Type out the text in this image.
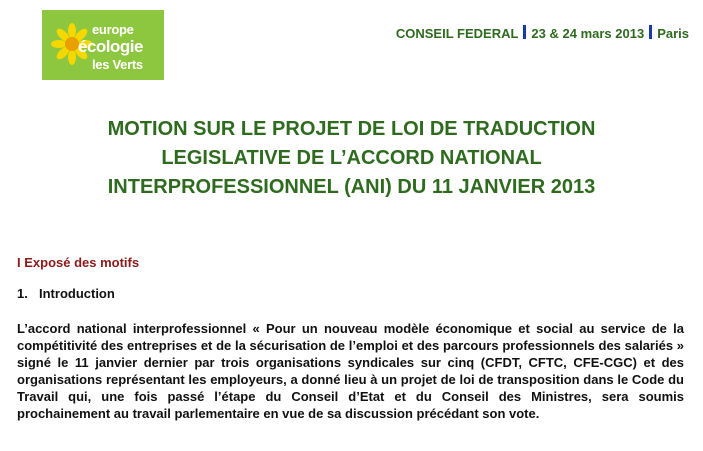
europe
écologie
les Verts
CONSEIL FEDERAL 23 & 24 mars 2013 Paris
MOTION SUR LE PROJET DE LOI DE TRADUCTION
LEGISLATIVE DE L’ACCORD NATIONAL
INTERPROFESSIONNEL (ANI) DU 11 JANVIER 2013
I Exposé des motifs
1. Introduction
L’accord national interprofessionnel « Pour un nouveau modèle économique et social au service de la compétitivité des entreprises et de la sécurisation de l’emploi et des parcours professionnels des salariés » signé le 11 janvier dernier par trois organisations syndicales sur cinq (CFDT, CFTC, CFE-CGC) et des organisations représentant les employeurs, a donné lieu à un projet de loi de transposition dans le Code du Travail qui, une fois passé l’étape du Conseil d’Etat et du Conseil des Ministres, sera soumis prochainement au travail parlementaire en vue de sa discussion précédant son vote.
